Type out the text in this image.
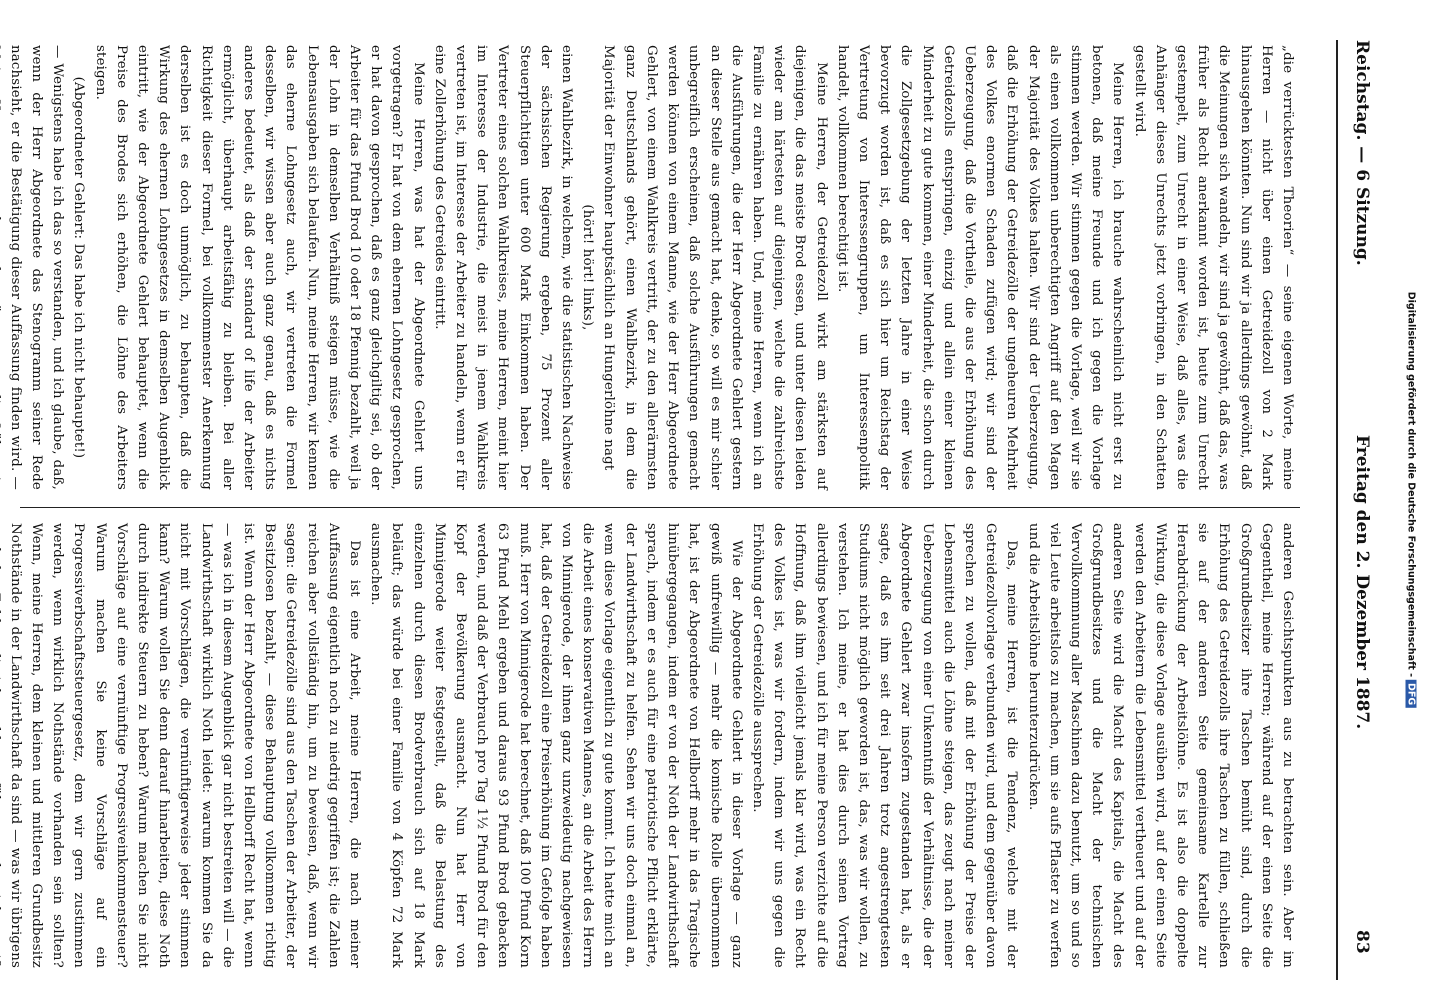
Reichstag. — 6 Sitzung.
Freitag den 2. Dezember 1887.
83

„die verrücktesten Theorien“ — seine eigenen Worte, meine Herren — nicht über einen Getreidezoll von 2 Mark hinausgehen könnten. Nun sind wir ja allerdings gewöhnt, daß die Meinungen sich wandeln, wir sind ja gewöhnt, daß das, was früher als Recht anerkannt worden ist, heute zum Unrecht gestempelt, zum Unrecht in einer Weise, daß alles, was die Anhänger dieses Unrechts jetzt vorbringen, in den Schatten gestellt wird.

Meine Herren, ich brauche wahrscheinlich nicht erst zu betonen, daß meine Freunde und ich gegen die Vorlage stimmen werden. Wir stimmen gegen die Vorlage, weil wir sie als einen vollkommen unberechtigten Angriff auf den Magen der Majorität des Volkes halten. Wir sind der Ueberzeugung, daß die Erhöhung der Getreidezölle der ungeheuren Mehrheit des Volkes enormen Schaden zufügen wird; wir sind der Ueberzeugung, daß die Vortheile, die aus der Erhöhung des Getreidezolls entspringen, einzig und allein einer kleinen Minderheit zu gute kommen, einer Minderheit, die schon durch die Zollgesetzgebung der letzten Jahre in einer Weise bevorzugt worden ist, daß es sich hier um Reichstag der Vertretung von Interessengruppen, um Interessenpolitik handelt, vollkommen berechtigt ist.

Meine Herren, der Getreidezoll wirkt am stärksten auf diejenigen, die das meiste Brod essen, und unter diesen leiden wieder am härtesten auf diejenigen, welche die zahlreichste Familie zu ernähren haben. Und, meine Herren, wenn ich an die Ausführungen, die der Herr Abgeordnete Gehlert gestern an dieser Stelle aus gemacht hat, denke, so will es mir schier unbegreiflich erscheinen, daß solche Ausführungen gemacht werden können von einem Manne, wie der Herr Abgeordnete Gehlert, von einem Wahlkreis vertritt, der zu den allerärmsten ganz Deutschlands gehört, einen Wahlbezirk, in dem die Majorität der Einwohner hauptsächlich an Hungerlöhne nagt

(hört! hört! links),

einen Wahlbezirk, in welchem, wie die statistischen Nachweise der sächsischen Regierung ergeben, 75 Prozent aller Steuerpflichtigen unter 600 Mark Einkommen haben. Der Vertreter eines solchen Wahlkreises, meine Herren, meint hier im Interesse der Industrie, die meist in jenem Wahlkreis vertreten ist, im Interesse der Arbeiter zu handeln, wenn er für eine Zollerhöhung des Getreides eintritt.

Meine Herren, was hat der Abgeordnete Gehlert uns vorgetragen? Er hat von dem ehernen Lohngesetz gesprochen, er hat davon gesprochen, daß es ganz gleichgiltig sei, ob der Arbeiter für das Pfund Brod 10 oder 18 Pfennig bezahlt, weil ja der Lohn in demselben Verhältniß steigen müsse, wie die Lebensausgaben sich belaufen. Nun, meine Herren, wir kennen das eherne Lohngesetz auch, wir vertreten die Formel desselben, wir wissen aber auch ganz genau, daß es nichts anderes bedeutet, als daß der standard of life der Arbeiter ermöglicht, überhaupt arbeitsfähig zu bleiben. Bei aller Richtigkeit dieser Formel, bei vollkommenster Anerkennung derselben ist es doch unmöglich, zu behaupten, daß die Wirkung des ehernen Lohngesetzes in demselben Augenblick eintritt, wie der Abgeordnete Gehlert behauptet, wenn die Preise des Brodes sich erhöhen, die Löhne des Arbeiters steigen.

(Abgeordneter Gehlert: Das habe ich nicht behauptet!)

— Wenigstens habe ich das so verstanden, und ich glaube, daß, wenn der Herr Abgeordnete das Stenogramm seiner Rede nachsieht, er die Bestätigung dieser Auffassung finden wird. —

anderen Gesichtspunkten aus zu betrachten sein. Aber im Gegentheil, meine Herren; während auf der einen Seite die Großgrundbesitzer ihre Taschen bemüht sind, durch die Erhöhung des Getreidezolls ihre Taschen zu füllen, schließen sie auf der anderen Seite gemeinsame Kartelle zur Herabdrückung der Arbeitslöhne. Es ist also die doppelte Wirkung, die diese Vorlage ausüben wird, auf der einen Seite werden den Arbeitern die Lebensmittel vertheuert und auf der anderen Seite wird die Macht des Kapitals, die Macht des Großgrundbesitzes und die Macht der technischen Vervollkommnung aller Maschinen dazu benutzt, um so und so viel Leute arbeitslos zu machen, um sie aufs Pflaster zu werfen und die Arbeitslöhne herunterzudrücken.

Das, meine Herren, ist die Tendenz, welche mit der Getreidezollvorlage verbunden wird, und dem gegenüber davon sprechen zu wollen, daß mit der Erhöhung der Preise der Lebensmittel auch die Löhne steigen, das zeugt nach meiner Ueberzeugung von einer Unkenntniß der Verhältnisse, die der Abgeordnete Gehlert zwar insofern zugestanden hat, als er sagte, daß es ihm seit drei Jahren trotz angestrengtesten Studiums nicht möglich geworden ist, das, was wir wollen, zu verstehen. Ich meine, er hat dies durch seinen Vortrag allerdings bewiesen, und ich für meine Person verzichte auf die Hoffnung, daß ihm vielleicht jemals klar wird, was ein Recht des Volkes ist, was wir fordern, indem wir uns gegen die Erhöhung der Getreidezölle aussprechen.

Wie der Abgeordnete Gehlert in dieser Vorlage — ganz gewiß unfreiwillig — mehr die komische Rolle übernommen hat, ist der Abgeordnete von Hellborff mehr in das Tragische hinübergegangen, indem er von der Noth der Landwirthschaft sprach, indem er es auch für eine patriotische Pflicht erklärte, der Landwirthschaft zu helfen. Sehen wir uns doch einmal an, wem diese Vorlage eigentlich zu gute kommt. Ich hatte mich an die Arbeit eines konservativen Mannes, an die Arbeit des Herrn von Minnigerode, der ihnen ganz unzweideutig nachgewiesen hat, daß der Getreidezoll eine Preiserhöhung im Gefolge haben muß. Herr von Minnigerode hat berechnet, daß 100 Pfund Korn 63 Pfund Mehl ergeben und daraus 93 Pfund Brod gebacken werden, und daß der Verbrauch pro Tag 1½ Pfund Brod für den Kopf der Bevölkerung ausmacht. Nun hat Herr von Minnigerode weiter festgestellt, daß die Belastung des einzelnen durch diesen Brodverbrauch sich auf 18 Mark beläuft; das würde bei einer Familie von 4 Köpfen 72 Mark ausmachen.

Das ist eine Arbeit, meine Herren, die nach meiner Auffassung eigentlich noch zu niedrig gegriffen ist; die Zahlen reichen aber vollständig hin, um zu beweisen, daß, wenn wir sagen: die Getreidezölle sind aus den Taschen der Arbeiter, der Besitzlosen bezahlt, — diese Behauptung vollkommen richtig ist. Wenn der Herr Abgeordnete von Hellborff Recht hat, wenn — was ich in diesem Augenblick gar nicht bestreiten will — die Landwirthschaft wirklich Noth leidet: warum kommen Sie da nicht mit Vorschlägen, die vernünftigerweise jeder stimmen kann? Warum wollen Sie denn darauf hinarbeiten, diese Noth durch indirekte Steuern zu heben? Warum machen Sie nicht Vorschläge auf eine vernünftige Progressiveinkommensteuer? Warum machen Sie keine Vorschläge auf ein Progressiverbschaftssteuergesetz, dem wir gern zustimmen werden, wenn wirklich Nothstände vorhanden sein sollten? Wenn, meine Herren, dem kleinen und mittleren Grundbesitz Nothstände in der Landwirthschaft da sind — was wir übrigens

Digitalisierung gefördert durch die Deutsche Forschungsgemeinschaft -DFG
